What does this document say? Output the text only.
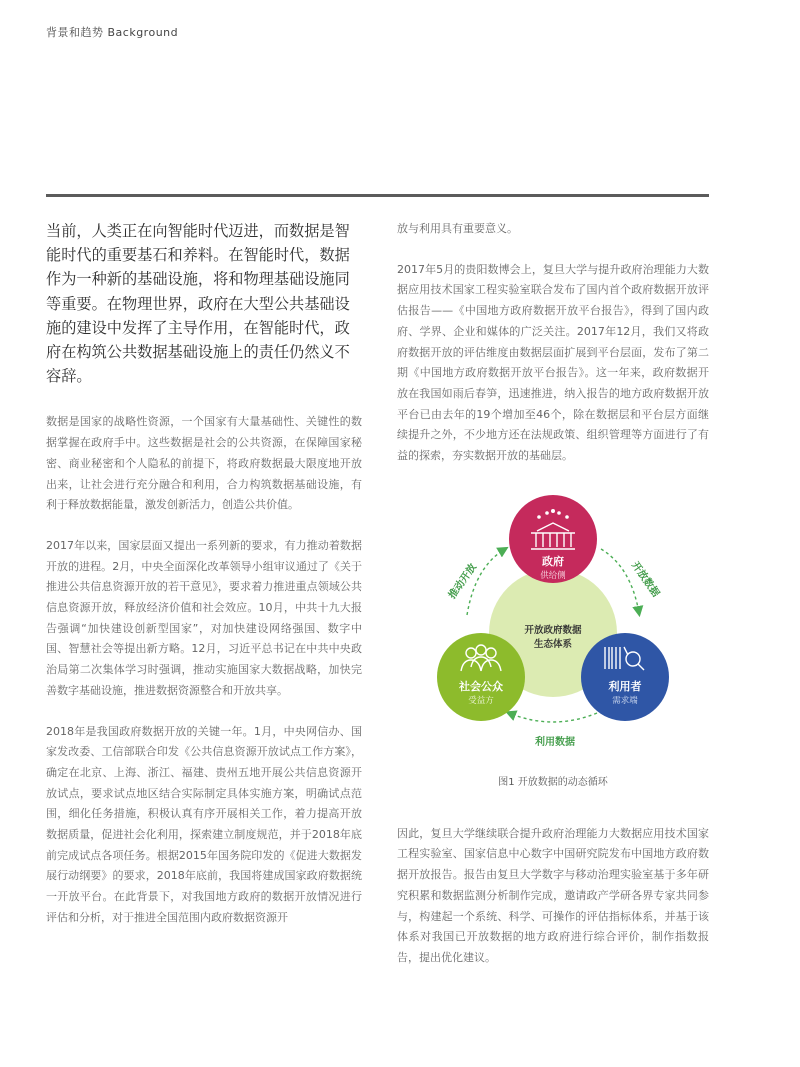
背景和趋势 Background

当前，人类正在向智能时代迈进，而数据是智能时代的重要基石和养料。在智能时代，数据作为一种新的基础设施，将和物理基础设施同等重要。在物理世界，政府在大型公共基础设施的建设中发挥了主导作用，在智能时代，政府在构筑公共数据基础设施上的责任仍然义不容辞。

数据是国家的战略性资源，一个国家有大量基础性、关键性的数据掌握在政府手中。这些数据是社会的公共资源，在保障国家秘密、商业秘密和个人隐私的前提下，将政府数据最大限度地开放出来，让社会进行充分融合和利用，合力构筑数据基础设施，有利于释放数据能量，激发创新活力，创造公共价值。

2017年以来，国家层面又提出一系列新的要求，有力推动着数据开放的进程。2月，中央全面深化改革领导小组审议通过了《关于推进公共信息资源开放的若干意见》，要求着力推进重点领域公共信息资源开放，释放经济价值和社会效应。10月，中共十九大报告强调“加快建设创新型国家”，对加快建设网络强国、数字中国、智慧社会等提出新方略。12月，习近平总书记在中共中央政治局第二次集体学习时强调，推动实施国家大数据战略，加快完善数字基础设施，推进数据资源整合和开放共享。

2018年是我国政府数据开放的关键一年。1月，中央网信办、国家发改委、工信部联合印发《公共信息资源开放试点工作方案》，确定在北京、上海、浙江、福建、贵州五地开展公共信息资源开放试点，要求试点地区结合实际制定具体实施方案，明确试点范围，细化任务措施，积极认真有序开展相关工作，着力提高开放数据质量，促进社会化利用，探索建立制度规范，并于2018年底前完成试点各项任务。根据2015年国务院印发的《促进大数据发展行动纲要》的要求，2018年底前，我国将建成国家政府数据统一开放平台。在此背景下，对我国地方政府的数据开放情况进行评估和分析，对于推进全国范围内政府数据资源开

放与利用具有重要意义。

2017年5月的贵阳数博会上，复旦大学与提升政府治理能力大数据应用技术国家工程实验室联合发布了国内首个政府数据开放评估报告——《中国地方政府数据开放平台报告》，得到了国内政府、学界、企业和媒体的广泛关注。2017年12月，我们又将政府数据开放的评估维度由数据层面扩展到平台层面，发布了第二期《中国地方政府数据开放平台报告》。这一年来，政府数据开放在我国如雨后春笋，迅速推进，纳入报告的地方政府数据开放平台已由去年的19个增加至46个，除在数据层和平台层方面继续提升之外，不少地方还在法规政策、组织管理等方面进行了有益的探索，夯实数据开放的基础层。

开放政府数据
生态体系
推动开放	开放数据
利用数据
政府
供给侧
社会公众
受益方
利用者
需求端
图1 开放数据的动态循环

因此，复旦大学继续联合提升政府治理能力大数据应用技术国家工程实验室、国家信息中心数字中国研究院发布中国地方政府数据开放报告。报告由复旦大学数字与移动治理实验室基于多年研究积累和数据监测分析制作完成，邀请政产学研各界专家共同参与，构建起一个系统、科学、可操作的评估指标体系，并基于该体系对我国已开放数据的地方政府进行综合评价，制作指数报告，提出优化建议。
